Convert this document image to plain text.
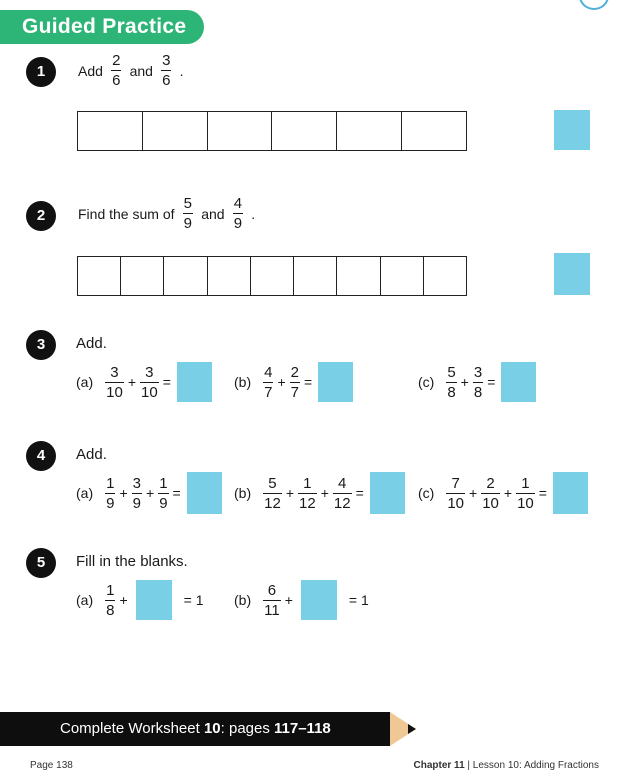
Guided Practice
1	Add $\frac{2}{6}$ and $\frac{3}{6}$ .
2	Find the sum of $\frac{5}{9}$ and $\frac{4}{9}$ .
3	Add.
$(a) \frac{3}{10} + \frac{3}{10}$ =	$(b) \frac{4}{7} + \frac{2}{7}$ =	$(c) \frac{5}{8} + \frac{3}{8}$ =
4	Add.
$(a) \frac{1}{9} + \frac{3}{9} + \frac{1}{9}$ =	$(b) \frac{5}{12} + \frac{1}{12} + \frac{4}{12}$ =	$(c) \frac{7}{10} + \frac{2}{10} + \frac{1}{10}$ =
5	Fill in the blanks.
$(a) \frac{1}{8}$ +	= 1 $(b) \frac{6}{11}$ +	= 1
Complete Worksheet 10: pages 117–118
Page 138	Chapter 11 | Lesson 10: Adding Fractions
